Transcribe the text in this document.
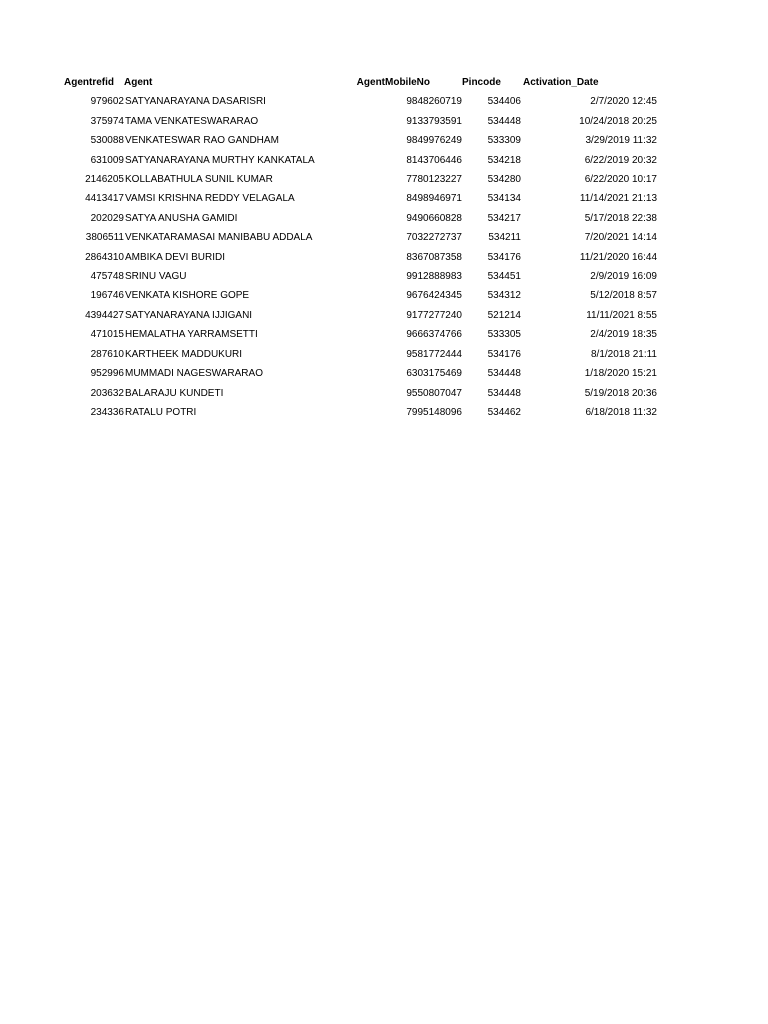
Agentrefid	Agent	AgentMobileNo	Pincode	Activation_Date
979602	SATYANARAYANA DASARISRI	9848260719	534406	2/7/2020 12:45
375974	TAMA VENKATESWARARAO	9133793591	534448	10/24/2018 20:25
530088	VENKATESWAR RAO GANDHAM	9849976249	533309	3/29/2019 11:32
631009	SATYANARAYANA MURTHY KANKATALA	8143706446	534218	6/22/2019 20:32
2146205	KOLLABATHULA SUNIL KUMAR	7780123227	534280	6/22/2020 10:17
4413417	VAMSI KRISHNA REDDY VELAGALA	8498946971	534134	11/14/2021 21:13
202029	SATYA ANUSHA GAMIDI	9490660828	534217	5/17/2018 22:38
3806511	VENKATARAMASAI MANIBABU ADDALA	7032272737	534211	7/20/2021 14:14
2864310	AMBIKA DEVI BURIDI	8367087358	534176	11/21/2020 16:44
475748	SRINU VAGU	9912888983	534451	2/9/2019 16:09
196746	VENKATA KISHORE GOPE	9676424345	534312	5/12/2018 8:57
4394427	SATYANARAYANA IJJIGANI	9177277240	521214	11/11/2021 8:55
471015	HEMALATHA YARRAMSETTI	9666374766	533305	2/4/2019 18:35
287610	KARTHEEK MADDUKURI	9581772444	534176	8/1/2018 21:11
952996	MUMMADI NAGESWARARAO	6303175469	534448	1/18/2020 15:21
203632	BALARAJU KUNDETI	9550807047	534448	5/19/2018 20:36
234336	RATALU POTRI	7995148096	534462	6/18/2018 11:32
